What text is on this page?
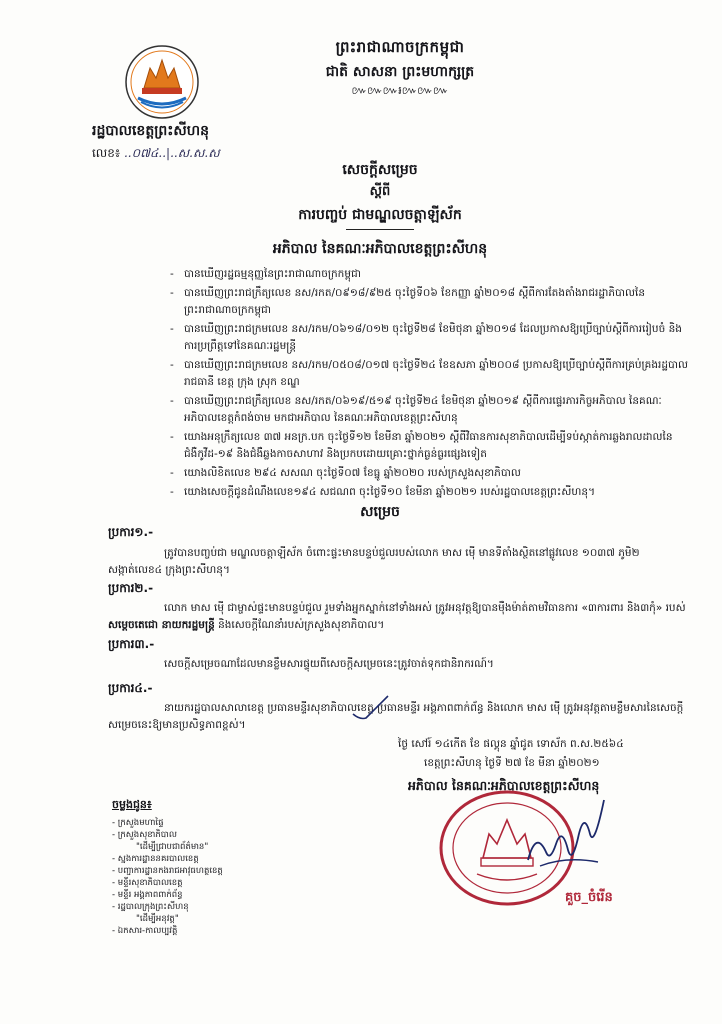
ព្រះរាជាណាចក្រកម្ពុជា
ជាតិ សាសនា ព្រះមហាក្សត្រ
៚៚៚៛៚៚៚
រដ្ឋបាលខេត្តព្រះសីហនុ
លេខ៖ ..០៧៤..|..ស.ស.ស
សេចក្តីសម្រេច
ស្តីពី
ការបញ្ចប់ ជាមណ្ឌលចត្តាឡីស័ក
អភិបាល នៃគណៈអភិបាលខេត្តព្រះសីហនុ
- បានឃើញរដ្ឋធម្មនុញ្ញនៃព្រះរាជាណាចក្រកម្ពុជា
- បានឃើញព្រះរាជក្រឹត្យលេខ នស/រកត/០៩១៨/៩២៥ ចុះថ្ងៃទី០៦ ខែកញ្ញា ឆ្នាំ២០១៨ ស្តីពីការតែងតាំងរាជរដ្ឋាភិបាលនៃព្រះរាជាណាចក្រកម្ពុជា
- បានឃើញព្រះរាជក្រមលេខ នស/រកម/០៦១៨/០១២ ចុះថ្ងៃទី២៨ ខែមិថុនា ឆ្នាំ២០១៨ ដែលប្រកាសឱ្យប្រើច្បាប់ស្តីពីការរៀបចំ និងការប្រព្រឹត្តទៅនៃគណៈរដ្ឋមន្ត្រី
- បានឃើញព្រះរាជក្រមលេខ នស/រកម/០៥០៨/០១៧ ចុះថ្ងៃទី២៤ ខែឧសភា ឆ្នាំ២០០៨ ប្រកាសឱ្យប្រើច្បាប់ស្តីពីការគ្រប់គ្រងរដ្ឋបាលរាជធានី ខេត្ត ក្រុង ស្រុក ខណ្ឌ
- បានឃើញព្រះរាជក្រឹត្យលេខ នស/រកត/០៦១៩/៥១៩ ចុះថ្ងៃទី២៤ ខែមិថុនា ឆ្នាំ២០១៩ ស្តីពីការផ្ទេរភារកិច្ចអភិបាល នៃគណៈអភិបាលខេត្តកំពង់ចាម មកជាអភិបាល នៃគណៈអភិបាលខេត្តព្រះសីហនុ
- យោងអនុក្រឹត្យលេខ ៣៧ អនក្រ.បក ចុះថ្ងៃទី១២ ខែមីនា ឆ្នាំ២០២១ ស្តីពីវិធានការសុខាភិបាលដើម្បីទប់ស្កាត់ការឆ្លងរាលដាលនៃជំងឺកូវីដ-១៩ និងជំងឺឆ្លងកាចសាហាវ និងប្រកបដោយគ្រោះថ្នាក់ធ្ងន់ធ្ងរផ្សេងទៀត
- យោងលិខិតលេខ ២៩៤ សសណ ចុះថ្ងៃទី០៧ ខែធ្នូ ឆ្នាំ២០២០ របស់ក្រសួងសុខាភិបាល
- យោងសេចក្តីជូនដំណឹងលេខ១៩៤ សជណព ចុះថ្ងៃទី១០ ខែមីនា ឆ្នាំ២០២១ របស់រដ្ឋបាលខេត្តព្រះសីហនុ។
សម្រេច
ប្រការ១.-
ត្រូវបានបញ្ចប់ជា មណ្ឌលចត្តាឡីស័ក ចំពោះផ្ទះមានបន្ទប់ជួលរបស់លោក មាស ម៉ើ មានទីតាំងស្ថិតនៅផ្លូវលេខ ១០៣៧ ភូមិ២ សង្កាត់លេខ៤ ក្រុងព្រះសីហនុ។
ប្រការ២.-
លោក មាស ម៉ើ ជាម្ចាស់ផ្ទះមានបន្ទប់ជួល រួមទាំងអ្នកស្នាក់នៅទាំងអស់ ត្រូវអនុវត្តឱ្យបានម៉ឺងម៉ាត់តាមវិធានការ «៣ការពារ និង៣កុំ» របស់ សម្តេចតេជោ នាយករដ្ឋមន្ត្រី និងសេចក្តីណែនាំរបស់ក្រសួងសុខាភិបាល។
ប្រការ៣.-
សេចក្តីសម្រេចណាដែលមានខ្លឹមសារផ្ទុយពីសេចក្តីសម្រេចនេះត្រូវចាត់ទុកជានិរាករណ៍។
ប្រការ៤.-
នាយករដ្ឋបាលសាលាខេត្ត ប្រធានមន្ទីរសុខាភិបាលខេត្ត ប្រធានមន្ទីរ អង្គភាពពាក់ព័ន្ធ និងលោក មាស ម៉ើ ត្រូវអនុវត្តតាមខ្លឹមសារនៃសេចក្តីសម្រេចនេះឱ្យមានប្រសិទ្ធភាពខ្ពស់។
ថ្ងៃ សៅរ៍ ១៤កើត ខែ ផល្គុន ឆ្នាំជូត ទោស័ក ព.ស.២៥៦៤
ខេត្តព្រះសីហនុ ថ្ងៃទី ២៧ ខែ មីនា ឆ្នាំ២០២១
អភិបាល នៃគណៈអភិបាលខេត្តព្រះសីហនុ
គួច_ចំរើន
ចម្លងជូន៖
- ក្រសួងមហាផ្ទៃ
- ក្រសួងសុខាភិបាល
"ដើម្បីជ្រាបជាព័ត៌មាន"
- ស្នងការដ្ឋាននគរបាលខេត្ត
- បញ្ជាការដ្ឋានកងរាជអាវុធហត្ថខេត្ត
- មន្ទីរសុខាភិបាលខេត្ត
- មន្ទីរ អង្គភាពពាក់ព័ន្ធ
- រដ្ឋបាលក្រុងព្រះសីហនុ
"ដើម្បីអនុវត្ត"
- ឯកសារ-កាលប្បវត្តិ
